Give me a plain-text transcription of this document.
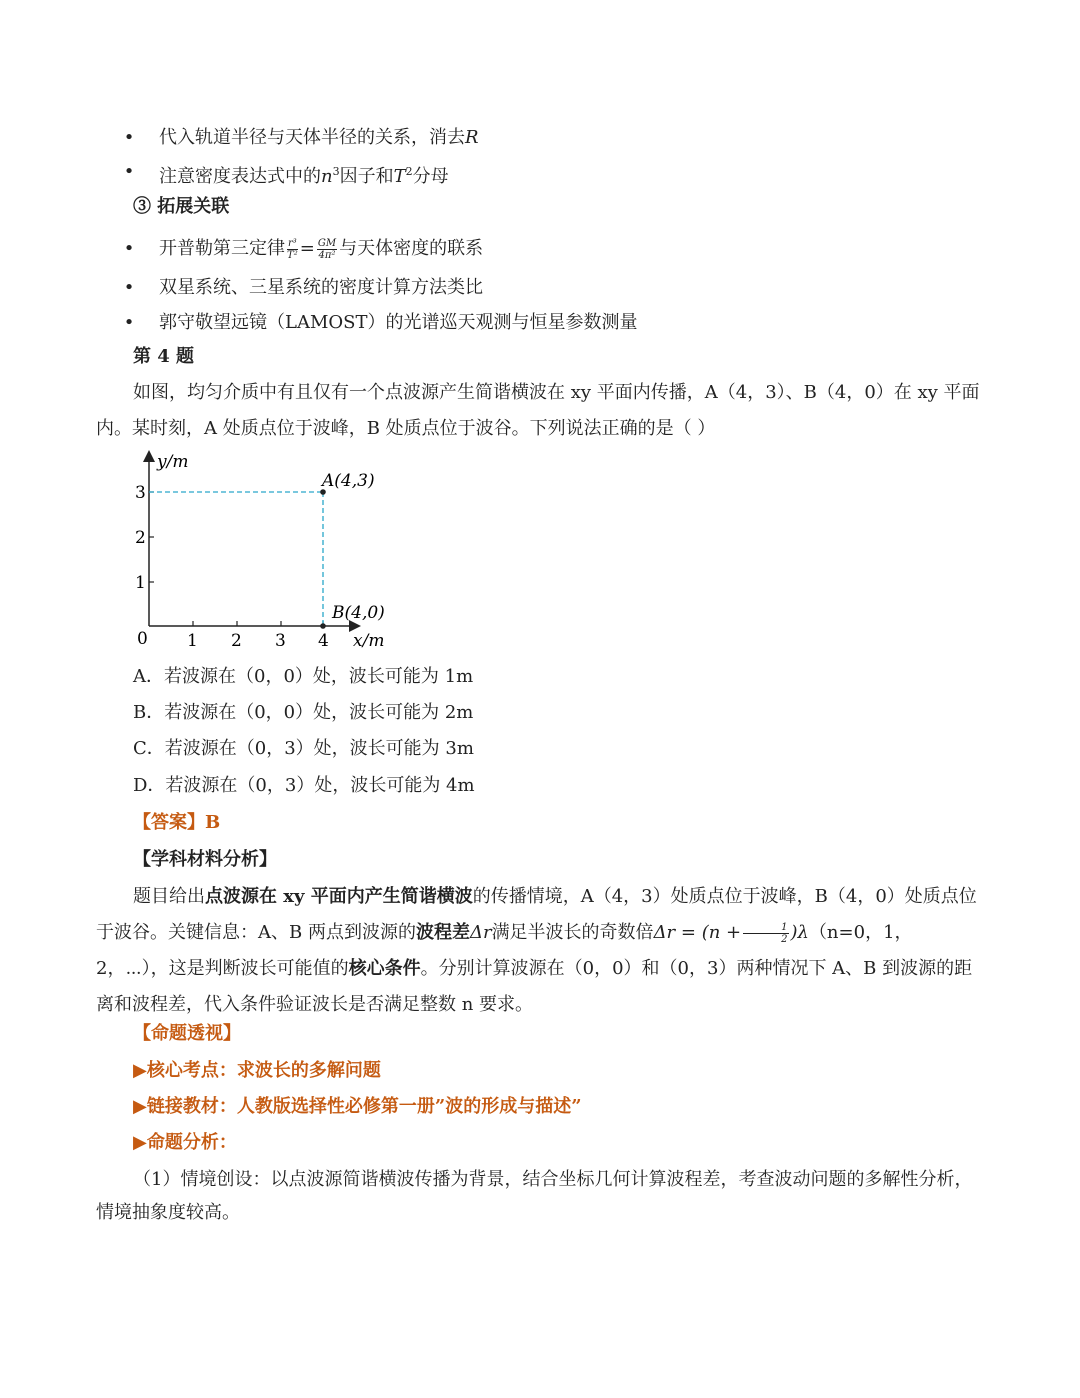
• 代入轨道半径与天体半径的关系，消去R
• 注意密度表达式中的$n^3$因子和$T^2$分母
③ 拓展关联
• 开普勒第三定律 $\frac{\text{r³}}{\text{T²}} = \frac{GM}{\text{4π²}}$ 与天体密度的联系
• 双星系统、三星系统的密度计算方法类比
• 郭守敬望远镜（LAMOST）的光谱巡天观测与恒星参数测量
第 4 题
如图，均匀介质中有且仅有一个点波源产生简谐横波在 xy 平面内传播，A（4，3）、B（4，0）在 xy 平面内。某时刻，A 处质点位于波峰，B 处质点位于波谷。下列说法正确的是（ ）
A(4,3)
B(4,0)
y/m
x/m
0 1 2 3 4
1
2
3
A．若波源在（0，0）处，波长可能为 1m
B．若波源在（0，0）处，波长可能为 2m
C．若波源在（0，3）处，波长可能为 3m
D．若波源在（0，3）处，波长可能为 4m
【答案】B
【学科材料分析】
题目给出点波源在 xy 平面内产生简谐横波的传播情境，A（4，3）处质点位于波峰，B（4，0）处质点位于波谷。关键信息：A、B 两点到波源的波程差Δr满足半波长的奇数倍$\Delta r = (n + \frac{1}{2} )\lambda(n=0$，1，2，⋯），这是判断波长可能值的核心条件。分别计算波源在（0，0）和（0，3）两种情况下 A、B 到波源的距离和波程差，代入条件验证波长是否满足整数 n 要求。
【命题透视】
▶核心考点：求波长的多解问题
▶链接教材：人教版选择性必修第一册”波的形成与描述”
▶命题分析：
（1）情境创设：以点波源简谐横波传播为背景，结合坐标几何计算波程差，考查波动问题的多解性分析，情境抽象度较高。
